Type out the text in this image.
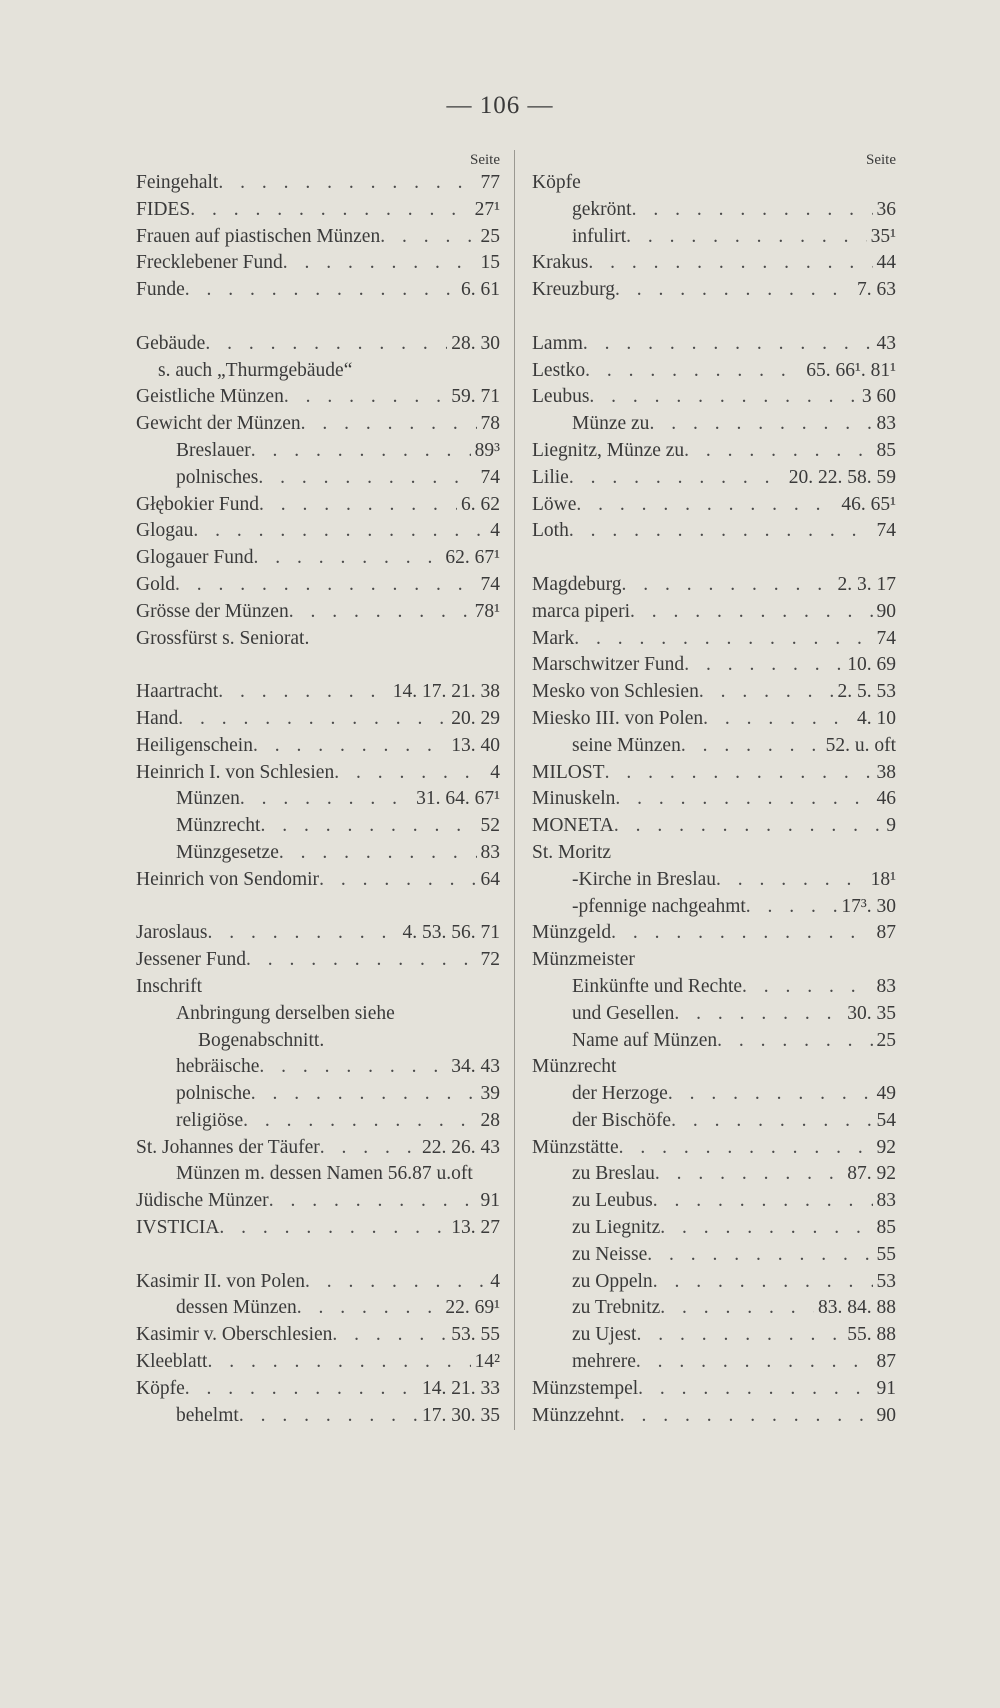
— 106 —
Seite
Feingehalt . . .	77
FIDES . . .	27¹
Frauen auf piastischen Münzen . . .	25
Frecklebener Fund . . .	15
Funde . . .	6. 61
Gebäude . . .	28. 30
s. auch „Thurmgebäude“
Geistliche Münzen . . .	59. 71
Gewicht der Münzen . . .	78
Breslauer . . .	89³
polnisches . . .	74
Głębokier Fund . . .	6. 62
Glogau . . .	4
Glogauer Fund . . .	62. 67¹
Gold . . .	74
Grösse der Münzen . . .	78¹
Grossfürst s. Seniorat.
Haartracht . . .	14. 17. 21. 38
Hand . . .	20. 29
Heiligenschein . . .	13. 40
Heinrich I. von Schlesien . . .	4
Münzen . . .	31. 64. 67¹
Münzrecht . . .	52
Münzgesetze . . .	83
Heinrich von Sendomir . . .	64
Jaroslaus . . .	4. 53. 56. 71
Jessener Fund . . .	72
Inschrift
Anbringung derselben siehe
Bogenabschnitt.
hebräische . . .	34. 43
polnische . . .	39
religiöse . . .	28
St. Johannes der Täufer . . .	22. 26. 43
Münzen m. dessen Namen 56.87 u.oft
Jüdische Münzer . . .	91
IVSTICIA . . .	13. 27
Kasimir II. von Polen . . .	4
dessen Münzen . . .	22. 69¹
Kasimir v. Oberschlesien . . .	53. 55
Kleeblatt . . .	14²
Köpfe . . .	14. 21. 33
behelmt . . .	17. 30. 35
Seite
Köpfe
gekrönt . . .	36
infulirt . . .	35¹
Krakus . . .	44
Kreuzburg . . .	7. 63
Lamm . . .	43
Lestko . . .	65. 66¹. 81¹
Leubus . . .	3 60
Münze zu . . .	83
Liegnitz, Münze zu . . .	85
Lilie . . .	20. 22. 58. 59
Löwe . . .	46. 65¹
Loth . . .	74
Magdeburg . . .	2. 3. 17
marca piperi . . .	90
Mark . . .	74
Marschwitzer Fund . . .	10. 69
Mesko von Schlesien . . .	2. 5. 53
Miesko III. von Polen . . .	4. 10
seine Münzen . . .	52. u. oft
MILOST . . .	38
Minuskeln . . .	46
MONETA . . .	9
St. Moritz
-Kirche in Breslau . . .	18¹
-pfennige nachgeahmt . . .	17³. 30
Münzgeld . . .	87
Münzmeister
Einkünfte und Rechte . . .	83
und Gesellen . . .	30. 35
Name auf Münzen . . .	25
Münzrecht
der Herzoge . . .	49
der Bischöfe . . .	54
Münzstätte . . .	92
zu Breslau . . .	87. 92
zu Leubus . . .	83
zu Liegnitz . . .	85
zu Neisse . . .	55
zu Oppeln . . .	53
zu Trebnitz . . .	83. 84. 88
zu Ujest . . .	55. 88
mehrere . . .	87
Münzstempel . . .	91
Münzzehnt . . .	90
